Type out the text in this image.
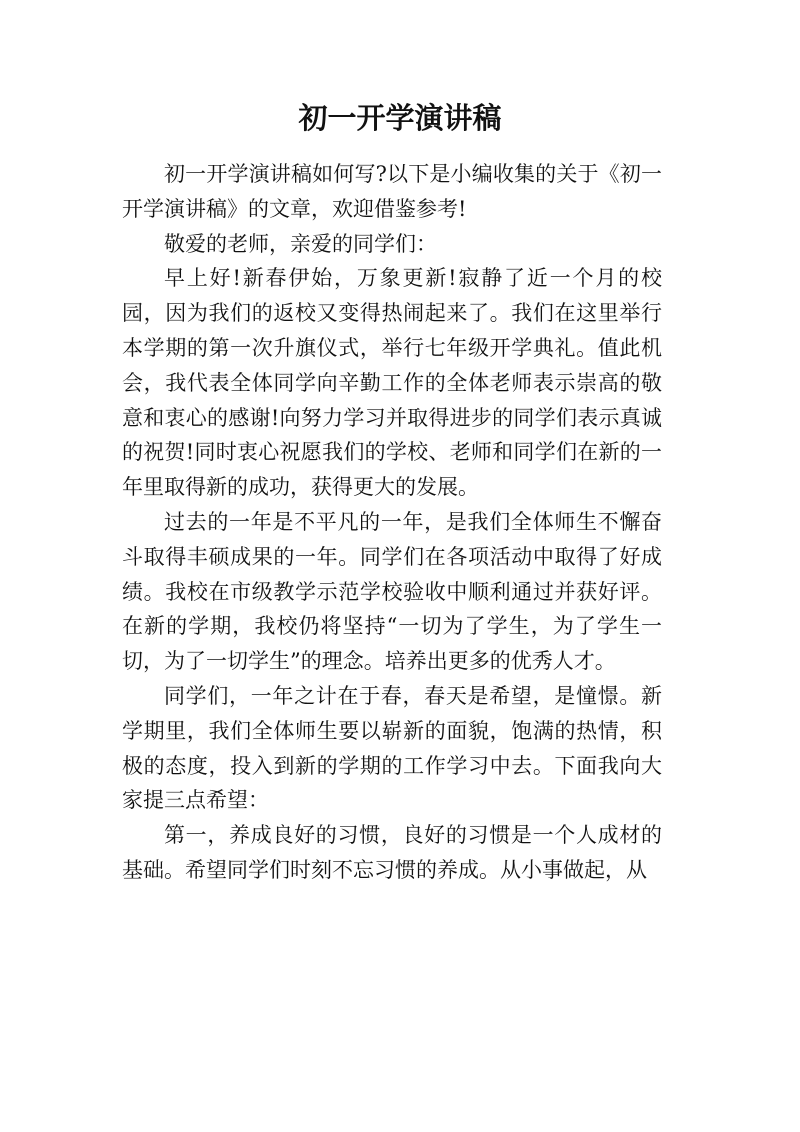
初一开学演讲稿

初一开学演讲稿如何写?以下是小编收集的关于《初一开学演讲稿》的文章，欢迎借鉴参考!

敬爱的老师，亲爱的同学们：

早上好!新春伊始，万象更新!寂静了近一个月的校园，因为我们的返校又变得热闹起来了。我们在这里举行本学期的第一次升旗仪式，举行七年级开学典礼。值此机会，我代表全体同学向辛勤工作的全体老师表示崇高的敬意和衷心的感谢!向努力学习并取得进步的同学们表示真诚的祝贺!同时衷心祝愿我们的学校、老师和同学们在新的一年里取得新的成功，获得更大的发展。

过去的一年是不平凡的一年，是我们全体师生不懈奋斗取得丰硕成果的一年。同学们在各项活动中取得了好成绩。我校在市级教学示范学校验收中顺利通过并获好评。在新的学期，我校仍将坚持“一切为了学生，为了学生一切，为了一切学生”的理念。培养出更多的优秀人才。

同学们，一年之计在于春，春天是希望，是憧憬。新学期里，我们全体师生要以崭新的面貌，饱满的热情，积极的态度，投入到新的学期的工作学习中去。下面我向大家提三点希望：

第一，养成良好的习惯，良好的习惯是一个人成材的基础。希望同学们时刻不忘习惯的养成。从小事做起，从
